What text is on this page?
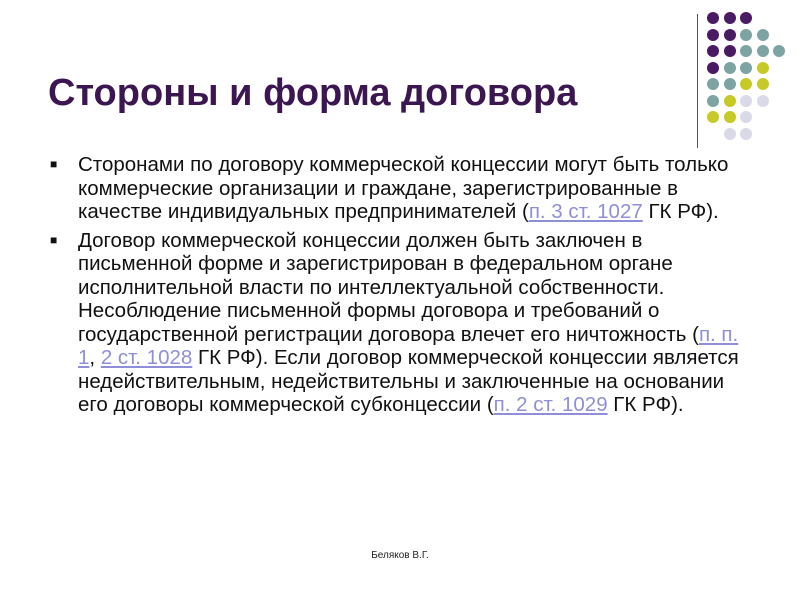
Стороны и форма договора
■ Сторонами по договору коммерческой концессии могут быть только коммерческие организации и граждане, зарегистрированные в качестве индивидуальных предпринимателей (п. 3 ст. 1027 ГК РФ).
■ Договор коммерческой концессии должен быть заключен в письменной форме и зарегистрирован в федеральном органе исполнительной власти по интеллектуальной собственности. Несоблюдение письменной формы договора и требований о государственной регистрации договора влечет его ничтожность (п. п. 1, 2 ст. 1028 ГК РФ). Если договор коммерческой концессии является недействительным, недействительны и заключенные на основании его договоры коммерческой субконцессии (п. 2 ст. 1029 ГК РФ).
Беляков В.Г.
